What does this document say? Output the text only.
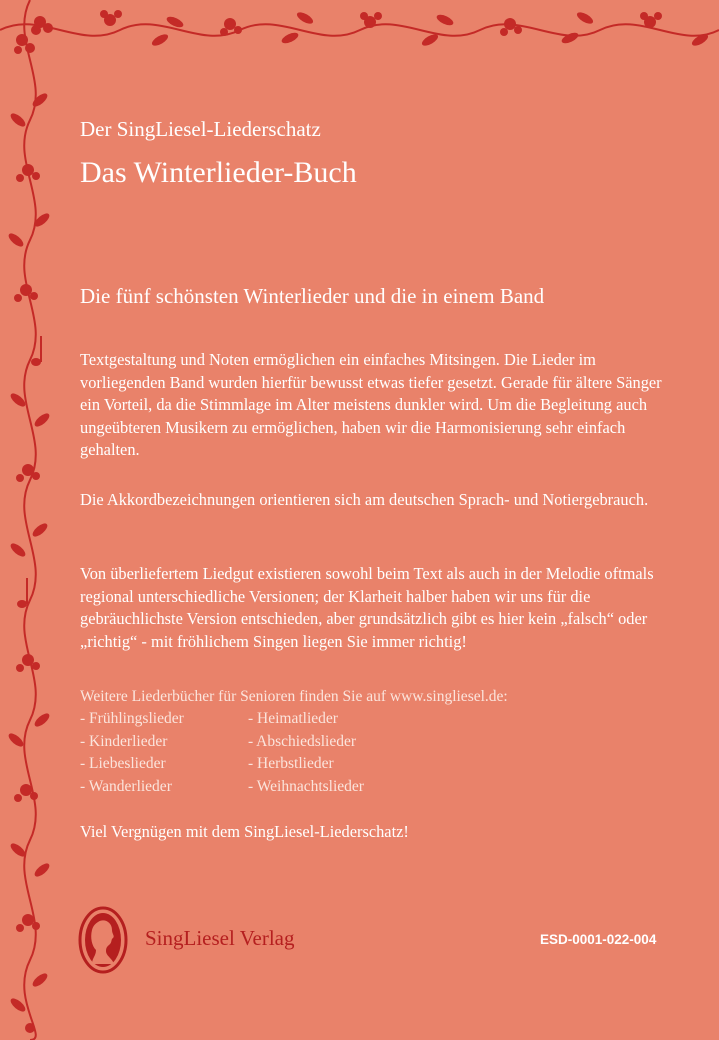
Der SingLiesel-Liederschatz
Das Winterlieder-Buch
Die fünf schönsten Winterlieder und die in einem Band
Textgestaltung und Noten ermöglichen ein einfaches Mitsingen. Die Lieder im vorliegenden Band wurden hierfür bewusst etwas tiefer gesetzt. Gerade für ältere Sänger ein Vorteil, da die Stimmlage im Alter meistens dunkler wird. Um die Begleitung auch ungeübteren Musikern zu ermöglichen, haben wir die Harmonisierung sehr einfach gehalten.
Die Akkordbezeichnungen orientieren sich am deutschen Sprach- und Notiergebrauch.
Von überliefertem Liedgut existieren sowohl beim Text als auch in der Melodie oftmals regional unterschiedliche Versionen; der Klarheit halber haben wir uns für die gebräuchlichste Version entschieden, aber grundsätzlich gibt es hier kein „falsch“ oder „richtig“ - mit fröhlichem Singen liegen Sie immer richtig!
Weitere Liederbücher für Senioren finden Sie auf www.singliesel.de:
- Frühlingslieder
- Kinderlieder
- Liebeslieder
- Wanderlieder
- Heimatlieder
- Abschiedslieder
- Herbstlieder
- Weihnachtslieder
Viel Vergnügen mit dem SingLiesel-Liederschatz!
SingLiesel Verlag	ESD-0001-022-004
